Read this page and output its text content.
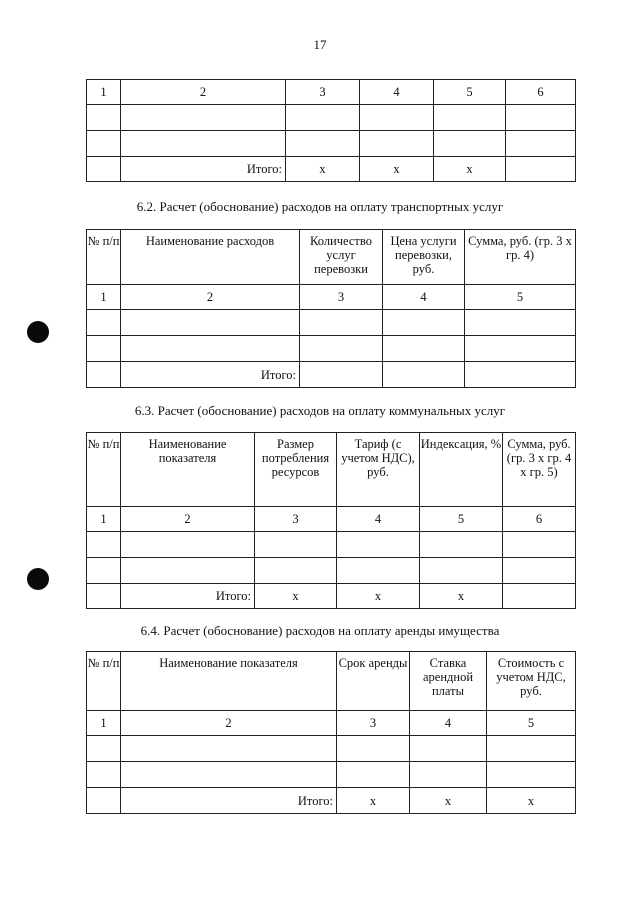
17
1	2	3	4	5	6

	Итого:	x	x	x	
6.2. Расчет (обоснование) расходов на оплату транспортных услуг
№ п/п	Наименование расходов	Количество услуг перевозки	Цена услуги перевозки, руб.	Сумма, руб. (гр. 3 х гр. 4)
1	2	3	4	5

	Итого:			
6.3. Расчет (обоснование) расходов на оплату коммунальных услуг
№ п/п	Наименование показателя	Размер потребления ресурсов	Тариф (с учетом НДС), руб.	Индексация, %	Сумма, руб. (гр. 3 х гр. 4 х гр. 5)
1	2	3	4	5	6

	Итого:	x	x	x	
6.4. Расчет (обоснование) расходов на оплату аренды имущества
№ п/п	Наименование показателя	Срок аренды	Ставка арендной платы	Стоимость с учетом НДС, руб.
1	2	3	4	5

	Итого:	x	x	x
